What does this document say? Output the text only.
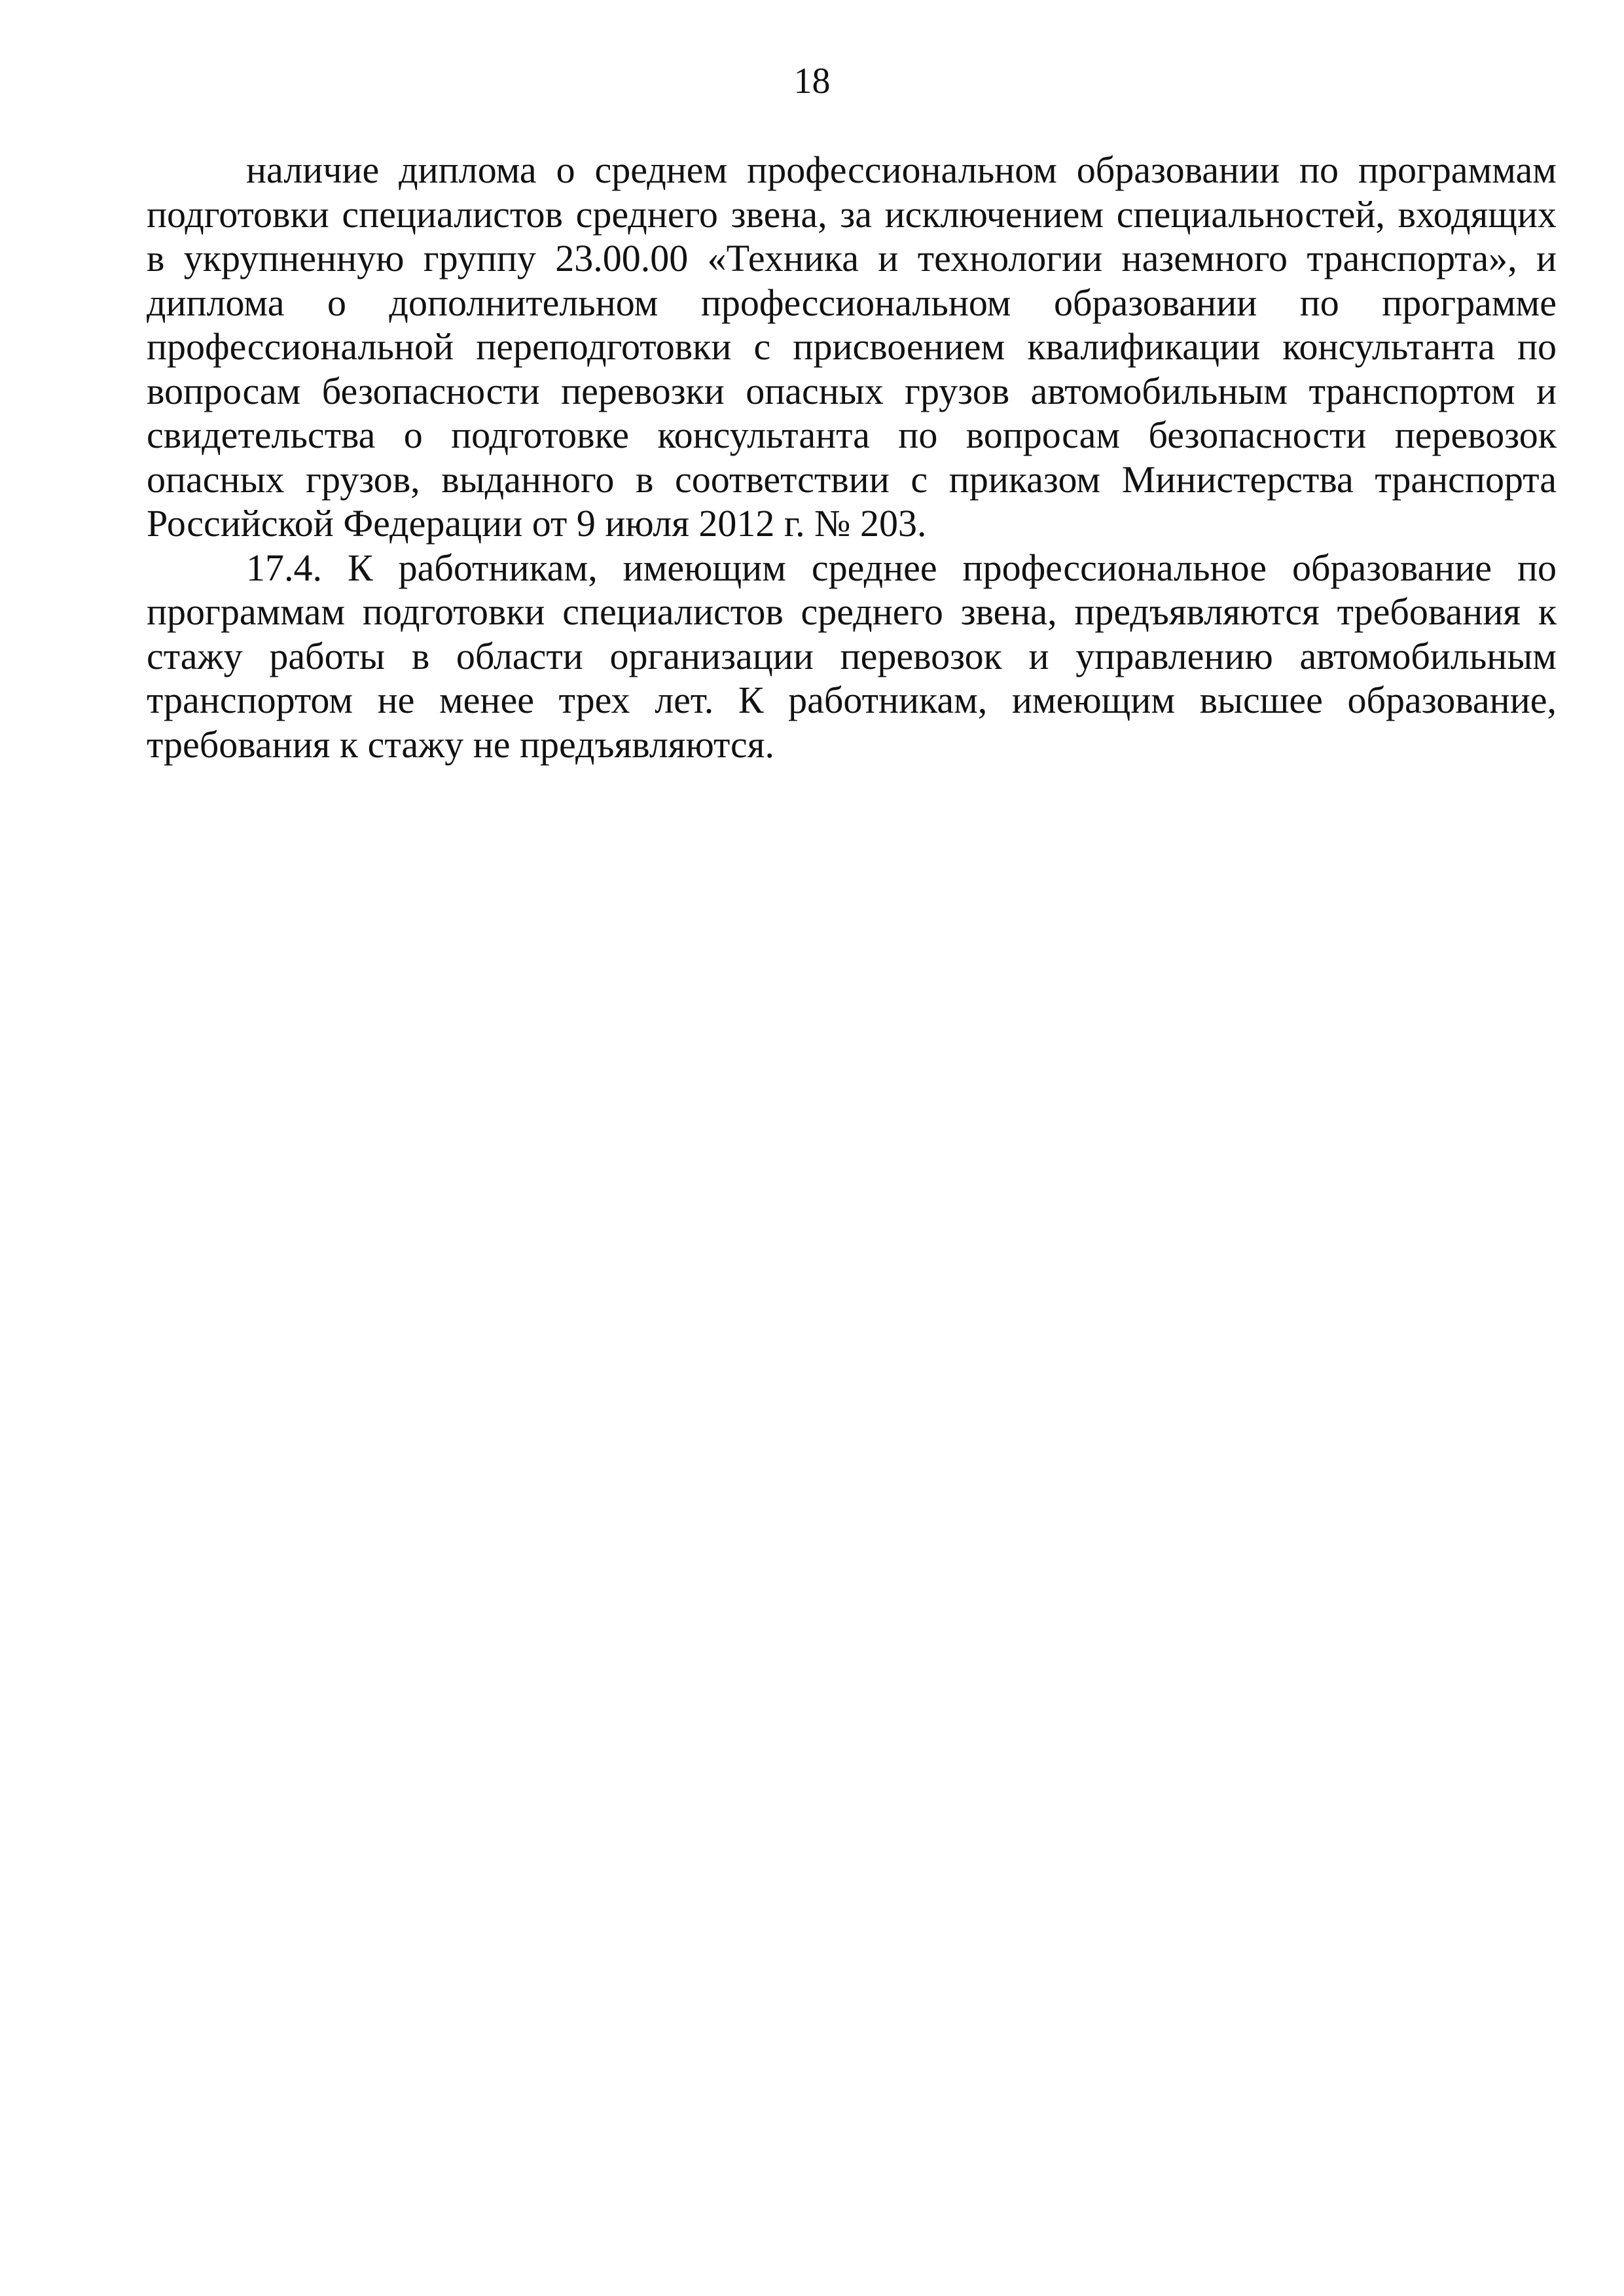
18

наличие диплома о среднем профессиональном образовании по программам подготовки специалистов среднего звена, за исключением специальностей, входящих в укрупненную группу 23.00.00 «Техника и технологии наземного транспорта», и диплома о дополнительном профессиональном образовании по программе профессиональной переподготовки с присвоением квалификации консультанта по вопросам безопасности перевозки опасных грузов автомобильным транспортом и свидетельства о подготовке консультанта по вопросам безопасности перевозок опасных грузов, выданного в соответствии с приказом Министерства транспорта Российской Федерации от 9 июля 2012 г. № 203.

17.4. К работникам, имеющим среднее профессиональное образование по программам подготовки специалистов среднего звена, предъявляются требования к стажу работы в области организации перевозок и управлению автомобильным транспортом не менее трех лет. К работникам, имеющим высшее образование, требования к стажу не предъявляются.
